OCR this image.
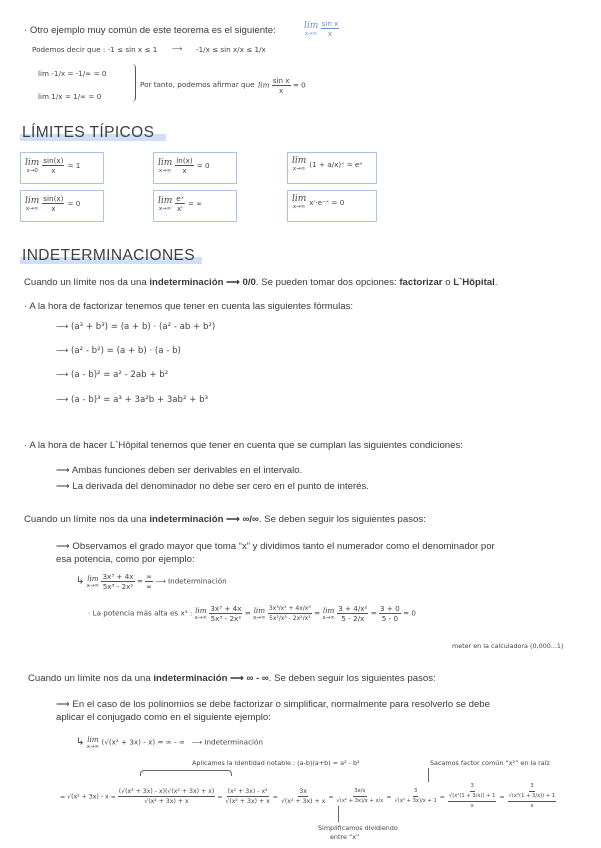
· Otro ejemplo muy común de este teorema es el siguiente:	lim
x→∞
$\frac{\text{sin x}}{x}$
Podemos decir que : -1 ≤ sin x ≤ 1 ⟶ -1/x ≤ sin x/x ≤ 1/x
lim -1/x = -1/∞ = 0
lim 1/x = 1/∞ = 0
Por tanto, podemos afirmar que $\lim \frac{\text{sin x}}{x} = 0$
LÍMITES TÍPICOS
lim
$x\to 0 \frac{\sin(x)}{x} = 1$	lim
$x\to\infty \frac{\ln(x)}{x} = 0$	lim
x→∞
(1 + a/x)ˣ = eᵃ
lim
$x\to\infty \frac{\sin(x)}{x} = 0$	lim
$x\to\infty \frac{\text{eˣ}}{\text{xʳ}}$ = ∞	lim
x→∞
xʳ·e⁻ˣ = 0
INDETERMINACIONES
Cuando un límite nos da una indeterminación ⟶ 0/0. Se pueden tomar dos opciones: factorizar o L`Hôpital.
· A la hora de factorizar tenemos que tener en cuenta las siguientes fórmulas:
⟶ (a³ + b³) = (a + b) · (a² - ab + b²)
⟶ (a² - b²) = (a + b) · (a - b)
⟶ (a - b)² = a² - 2ab + b²
⟶ (a - b)³ = a³ + 3a²b + 3ab² + b³
· A la hora de hacer L`Hôpital tenemos que tener en cuenta que se cumplan las siguientes condiciones:
⟶ Ambas funciones deben ser derivables en el intervalo.
⟶ La derivada del denominador no debe ser cero en el punto de interés.
Cuando un límite nos da una indeterminación ⟶ ∞/∞. Se deben seguir los siguientes pasos:
⟶ Observamos el grado mayor que toma “x” y dividimos tanto el numerador como el denominador por
esa potencia, como por ejemplo:
↳ lim
x→∞
$\frac{\text{3x³ + 4x}}{\text{5x³ - 2x²}} = \frac{\infty}{\infty}$ ⟶ Indeterminación
· La potencia más alta es x³ : lim
x→∞
$\frac{\text{3x³ + 4x}}{\text{5x³ - 2x²}} = \lim$
x→∞
$\frac{\text{3x³/x³ + 4x/x³}}{\text{5x³/x³ - 2x²/x³}} = \lim$
x→∞
$\frac{\text{3 + 4/x²}}{5 - 2/x} = \frac{3 + 0}{5 - 0} = 0$
meter en la calculadora (0,000...1)
Cuando un límite nos da una indeterminación ⟶ ∞ - ∞. Se deben seguir los siguientes pasos:
⟶ En el caso de los polinomios se debe factorizar o simplificar, normalmente para resolverlo se debe
aplicar el conjugado como en el siguiente ejemplo:
↳ lim
x→∞
(√(x² + 3x) - x) = ∞ - ∞ ⟶ Indeterminación
Aplicamos la identidad notable : (a-b)(a+b) = a² - b²	Sacamos factor común “x²” en la raíz
Simplificamos dividiendo
entre “x”
= $√(x^2 + 3x) - x = \frac{\text{(√(x² + 3x) - x)(√(x² + 3x) + x)}}{\text{√(x² + 3x) + x}} = \frac{\text{(x² + 3x) - x²}}{\text{√(x² + 3x) + x}} = \frac{3x}{\text{√(x² + 3x) + x}} = \frac{3x/x}{\text{√(x² + 3x)/x + x/x}} = \frac{3}{\text{√(x² + 3x)/x + 1}} = \frac{3}{\frac{\text{√(x²(1 + 3/x)) + 1}}{x}} = \frac{3}{\frac{\text{√(x²(1 + 3/x)) + 1}}{x}}$
